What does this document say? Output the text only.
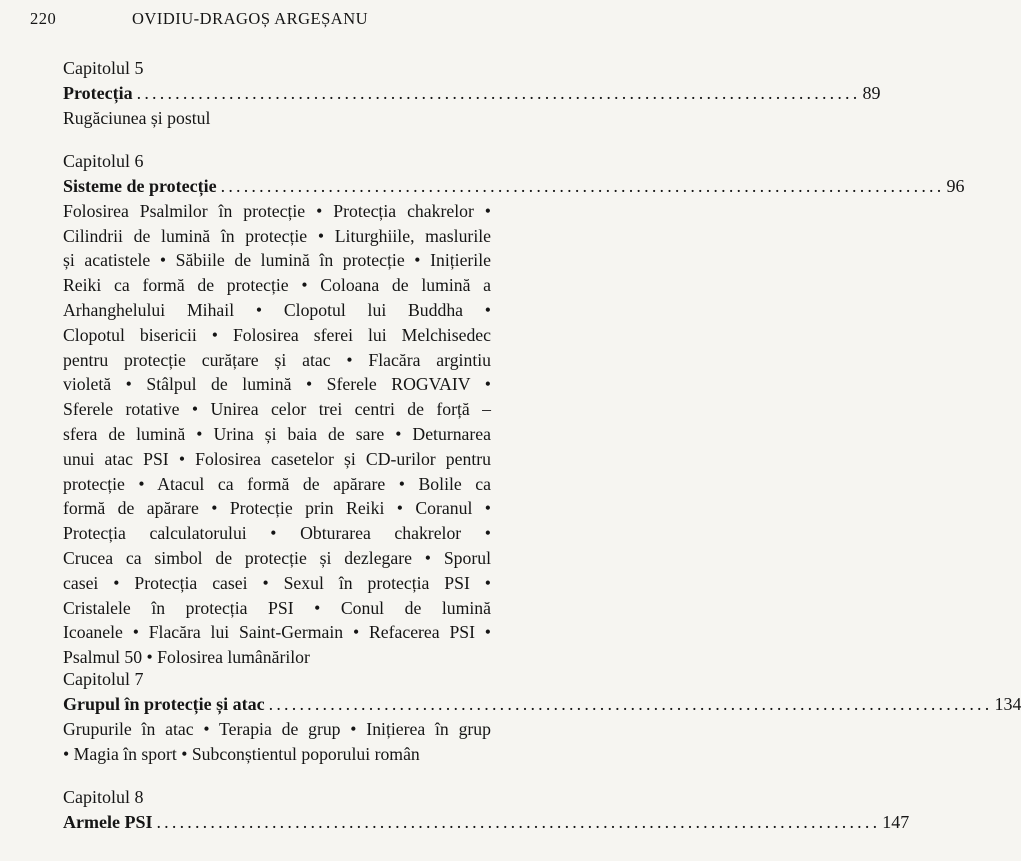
220	OVIDIU-DRAGOȘ ARGEȘANU
Capitolul 5
Protecția .............................................................................................. 89
Rugăciunea și postul
Capitolul 6
Sisteme de protecție .............................................................................................. 96
Folosirea Psalmilor în protecție • Protecția chakrelor •
Cilindrii de lumină în protecție • Liturghiile, maslurile
și acatistele • Săbiile de lumină în protecție • Inițierile
Reiki ca formă de protecție • Coloana de lumină a
Arhanghelului Mihail • Clopotul lui Buddha •
Clopotul bisericii • Folosirea sferei lui Melchisedec
pentru protecție curățare și atac • Flacăra argintiu
violetă • Stâlpul de lumină • Sferele ROGVAIV •
Sferele rotative • Unirea celor trei centri de forță –
sfera de lumină • Urina și baia de sare • Deturnarea
unui atac PSI • Folosirea casetelor și CD-urilor pentru
protecție • Atacul ca formă de apărare • Bolile ca
formă de apărare • Protecție prin Reiki • Coranul •
Protecția calculatorului • Obturarea chakrelor •
Crucea ca simbol de protecție și dezlegare • Sporul
casei • Protecția casei • Sexul în protecția PSI •
Cristalele în protecția PSI • Conul de lumină
Icoanele • Flacăra lui Saint-Germain • Refacerea PSI •
Psalmul 50 • Folosirea lumânărilor
Capitolul 7
Grupul în protecție și atac .............................................................................................. 134
Grupurile în atac • Terapia de grup • Inițierea în grup
• Magia în sport • Subconștientul poporului român
Capitolul 8
Armele PSI .............................................................................................. 147
